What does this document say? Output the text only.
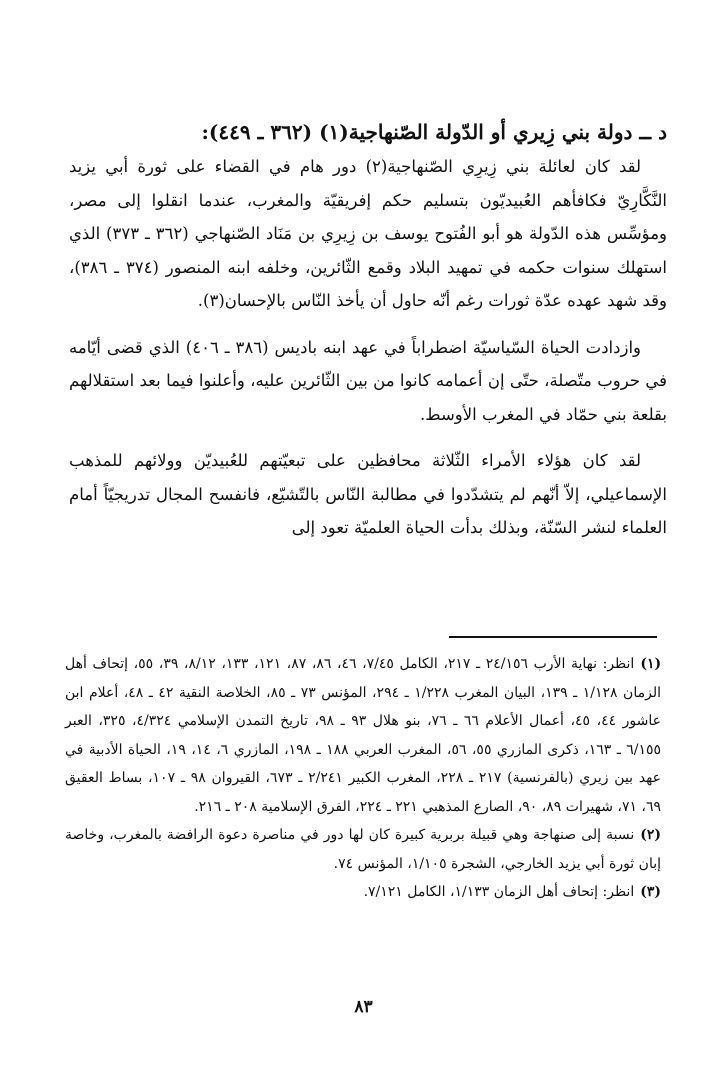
د ــ دولة بني زِيري أو الدّولة الصّنهاجية(١) (٣٦٢ ـ ٤٤٩):

لقد كان لعائلة بني زِيرِي الصّنهاجية(٢) دور هام في القضاء على ثورة أبي يزيد النَّكَّارِيّ فكافأهم العُبيديّون بتسليم حكم إفريقيّة والمغرب، عندما انقلوا إلى مصر، ومؤسِّس هذه الدّولة هو أبو الفُتوح يوسف بن زِيرِي بن مَنَاد الصّنهاجي (٣٦٢ ـ ٣٧٣) الذي استهلك سنوات حكمه في تمهيد البلاد وقمع الثّائرين، وخلفه ابنه المنصور (٣٧٤ ـ ٣٨٦)، وقد شهد عهده عدّة ثورات رغم أنّه حاول أن يأخذ النّاس بالإحسان(٣).

وازدادت الحياة السّياسيّة اضطراباً في عهد ابنه باديس (٣٨٦ ـ ٤٠٦) الذي قضى أيّامه في حروب متّصلة، حتّى إن أعمامه كانوا من بين الثّائرين عليه، وأعلنوا فيما بعد استقلالهم بقلعة بني حمّاد في المغرب الأوسط.

لقد كان هؤلاء الأمراء الثّلاثة محافظين على تبعيّتهم للعُبيديّن وولائهم للمذهب الإسماعيلي، إلاّ أنّهم لم يتشدّدوا في مطالبة النّاس بالتّشيّع، فانفسح المجال تدريجيّاً أمام العلماء لنشر السّنّة، وبذلك بدأت الحياة العلميّة تعود إلى

(١)انظر: نهاية الأرب ٢٤/١٥٦ ـ ٢١٧، الكامل ٧/٤٥، ٤٦، ٨٦، ٨٧، ١٢١، ١٣٣، ٨/١٢، ٣٩، ٥٥، إتحاف أهل الزمان ١/١٢٨ ـ ١٣٩، البيان المغرب ١/٢٢٨ ـ ٢٩٤، المؤنس ٧٣ ـ ٨٥، الخلاصة النقية ٤٢ ـ ٤٨، أعلام ابن عاشور ٤٤، ٤٥، أعمال الأعلام ٦٦ ـ ٧٦، بنو هلال ٩٣ ـ ٩٨، تاريخ التمدن الإسلامي ٤/٣٢٤، ٣٢٥، العبر ٦/١٥٥ ـ ١٦٣، ذكرى المازري ٥٥، ٥٦، المغرب العربي ١٨٨ ـ ١٩٨، المازري ٦، ١٤، ١٩، الحياة الأدبية في عهد بين زيري (بالفرنسية) ٢١٧ ـ ٢٢٨، المغرب الكبير ٢/٢٤١ ـ ٦٧٣، القيروان ٩٨ ـ ١٠٧، بساط العقيق ٦٩، ٧١، شهيرات ٨٩، ٩٠، الصارع المذهبي ٢٢١ ـ ٢٢٤، الفرق الإسلامية ٢٠٨ ـ ٢١٦.

(٢)نسبة إلى صنهاجة وهي قبيلة بربرية كبيرة كان لها دور في مناصرة دعوة الرافضة بالمغرب، وخاصة إبان ثورة أبي يزيد الخارجي، الشجرة ١/١٠٥، المؤنس ٧٤.

(٣)انظر: إتحاف أهل الزمان ١/١٣٣، الكامل ٧/١٢١.

٨٣
